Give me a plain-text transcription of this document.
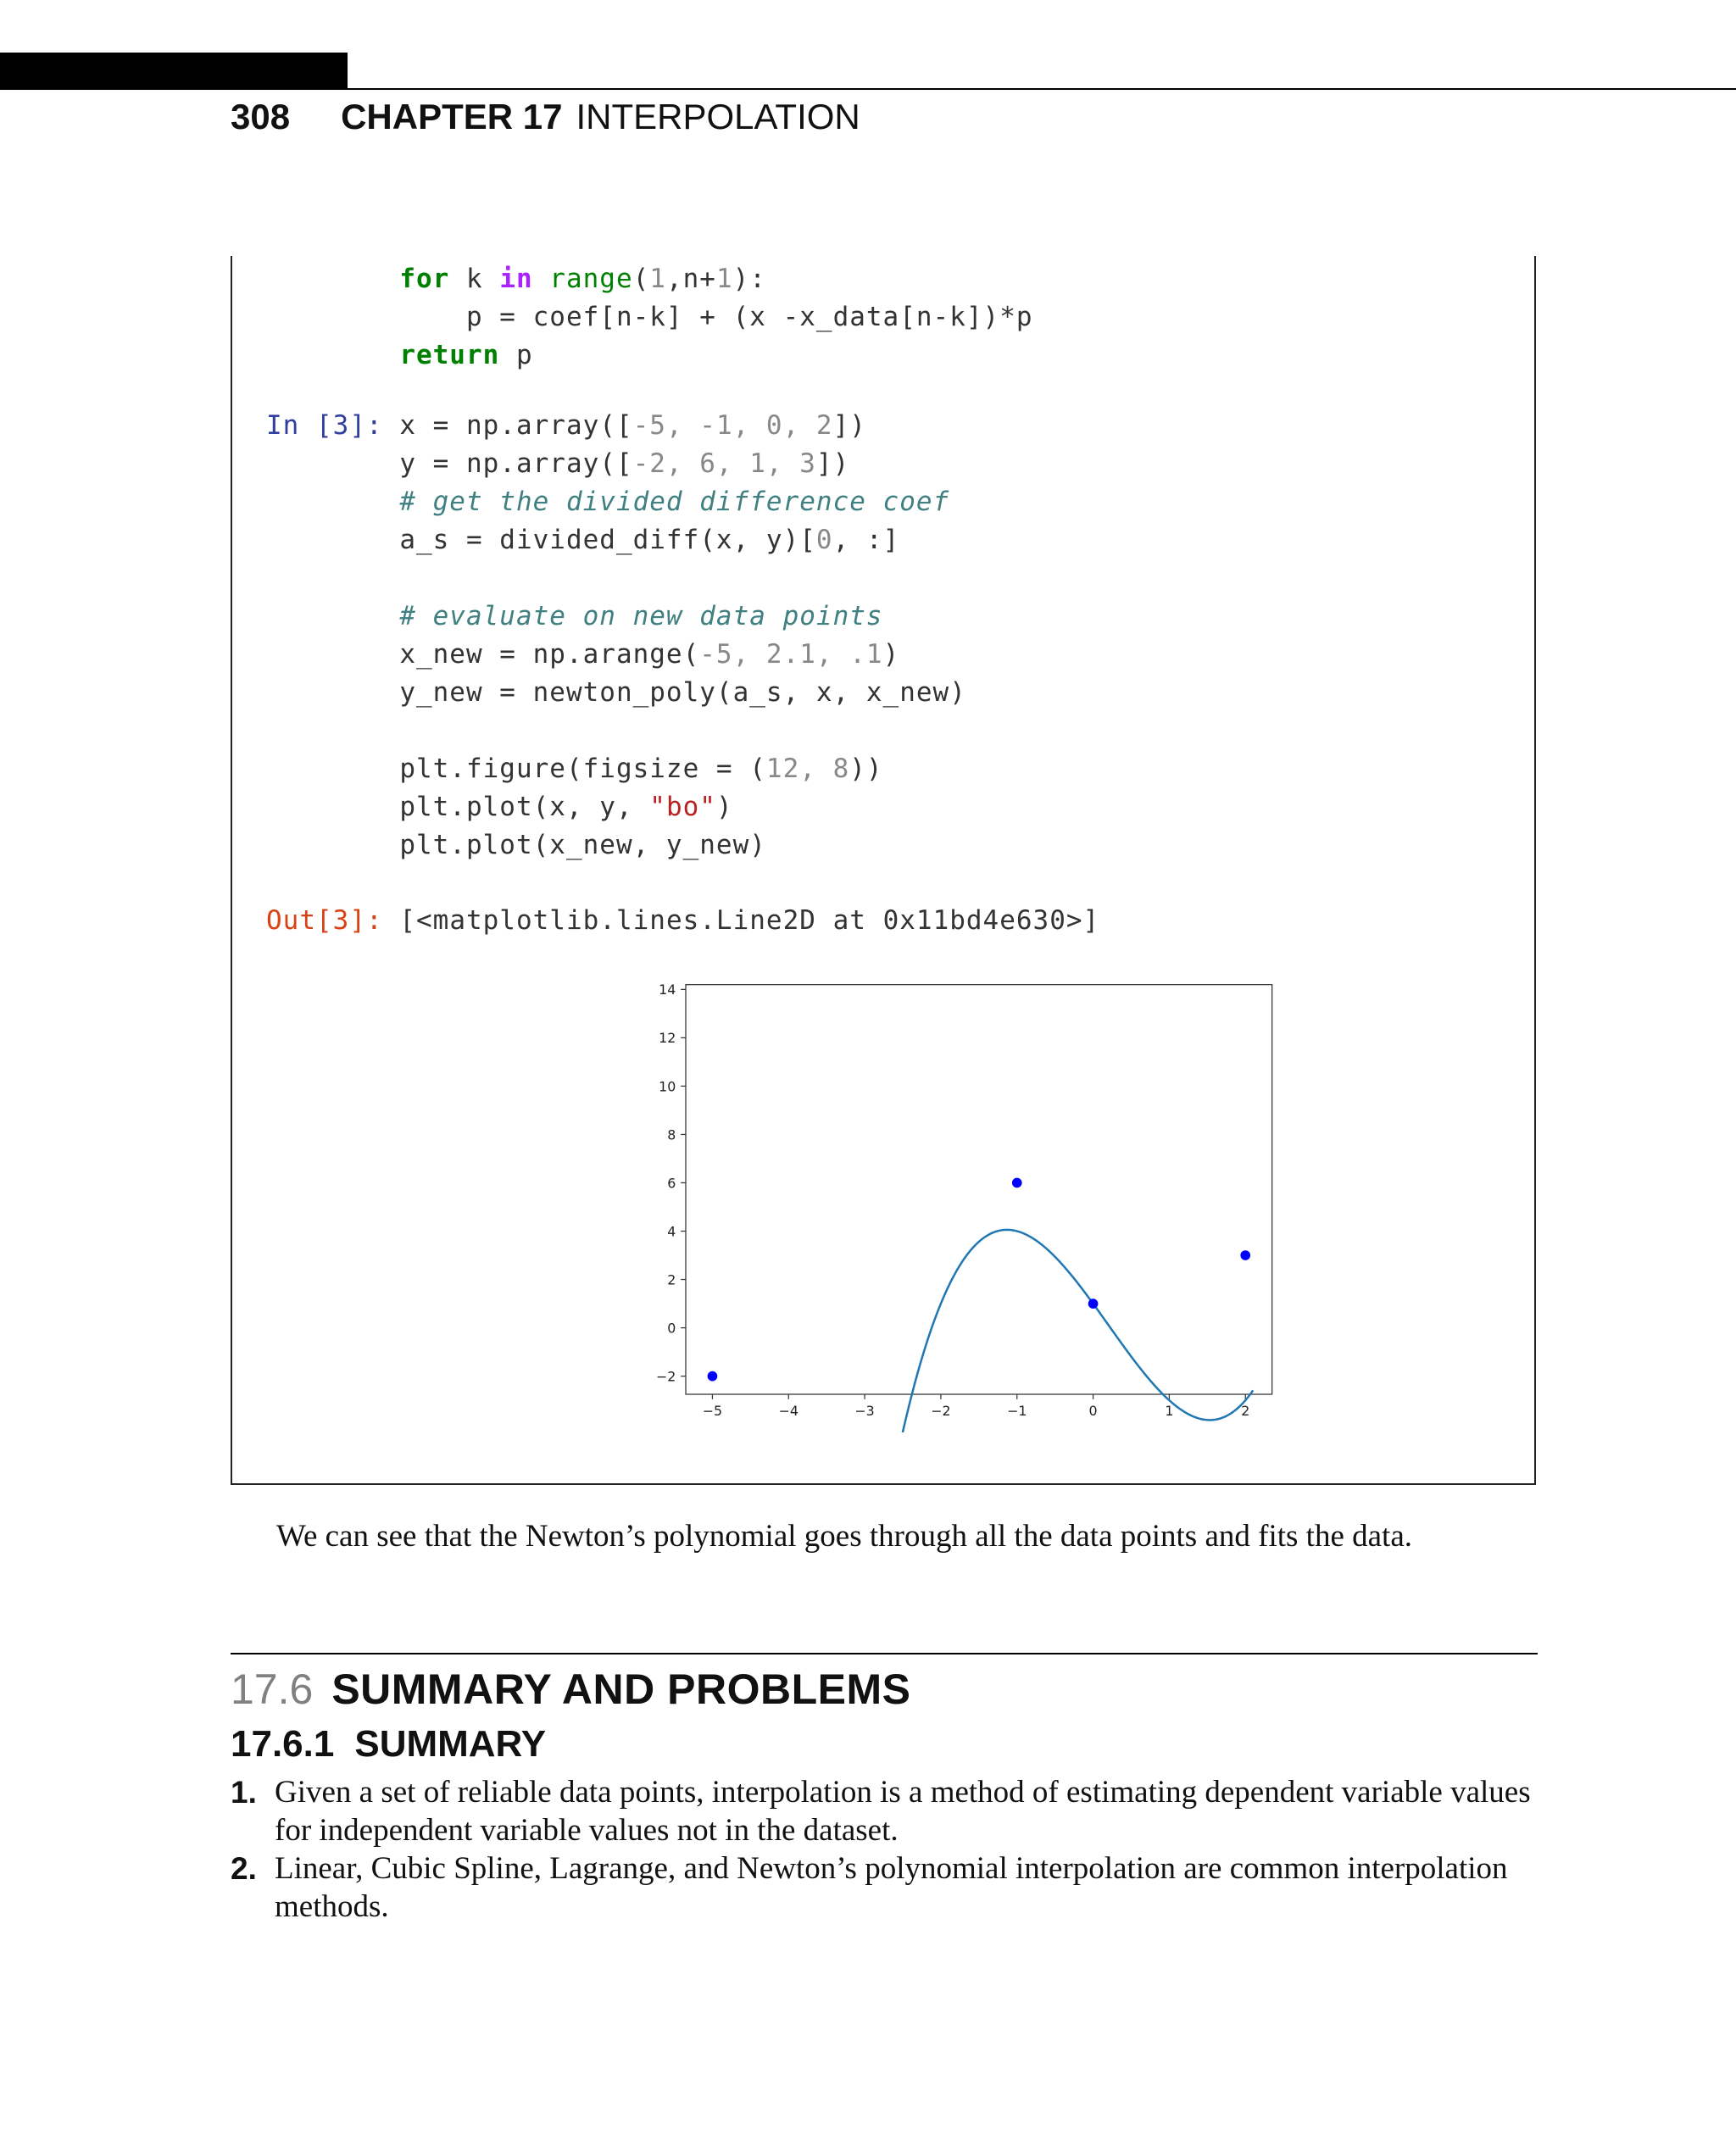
308 CHAPTER 17 INTERPOLATION
for k in range(1,n+1):
p = coef[n-k] + (x -x_data[n-k])*p
return p
In [3]: x = np.array([-5, -1, 0, 2])
y = np.array([-2, 6, 1, 3])
# get the divided difference coef
a_s = divided_diff(x, y)[0, :]

# evaluate on new data points
x_new = np.arange(-5, 2.1, .1)
y_new = newton_poly(a_s, x, x_new)

plt.figure(figsize = (12, 8))
plt.plot(x, y, "bo")
plt.plot(x_new, y_new)
Out[3]: [<matplotlib.lines.Line2D at 0x11bd4e630>]
−5	−4	−3	−2	−1	0	1	2
−2
0
2
4
6
8
10
12
14
We can see that the Newton’s polynomial goes through all the data points and fits the data.
17.6 SUMMARY AND PROBLEMS
17.6.1 SUMMARY
1. Given a set of reliable data points, interpolation is a method of estimating dependent variable values for independent variable values not in the dataset.
2. Linear, Cubic Spline, Lagrange, and Newton’s polynomial interpolation are common interpolation methods.
